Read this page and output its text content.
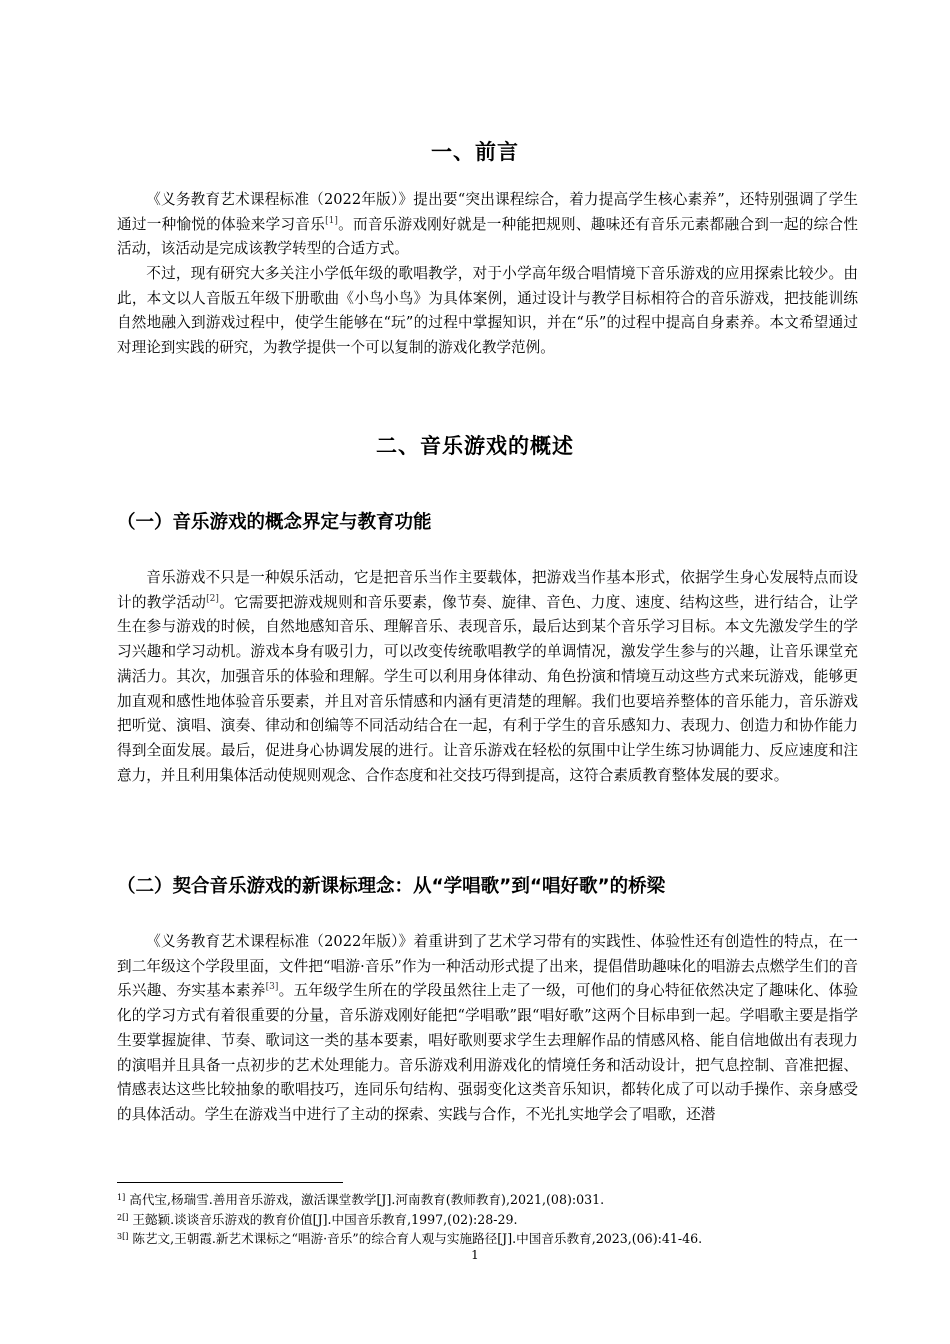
一、前言

《义务教育艺术课程标准（2022年版）》提出要“突出课程综合，着力提高学生核心素养”，还特别强调了学生通过一种愉悦的体验来学习音乐[1]。而音乐游戏刚好就是一种能把规则、趣味还有音乐元素都融合到一起的综合性活动，该活动是完成该教学转型的合适方式。

不过，现有研究大多关注小学低年级的歌唱教学，对于小学高年级合唱情境下音乐游戏的应用探索比较少。由此，本文以人音版五年级下册歌曲《小鸟小鸟》为具体案例，通过设计与教学目标相符合的音乐游戏，把技能训练自然地融入到游戏过程中，使学生能够在“玩”的过程中掌握知识，并在“乐”的过程中提高自身素养。本文希望通过对理论到实践的研究，为教学提供一个可以复制的游戏化教学范例。

二、音乐游戏的概述
（一）音乐游戏的概念界定与教育功能

音乐游戏不只是一种娱乐活动，它是把音乐当作主要载体，把游戏当作基本形式，依据学生身心发展特点而设计的教学活动[2]。它需要把游戏规则和音乐要素，像节奏、旋律、音色、力度、速度、结构这些，进行结合，让学生在参与游戏的时候，自然地感知音乐、理解音乐、表现音乐，最后达到某个音乐学习目标。本文先激发学生的学习兴趣和学习动机。游戏本身有吸引力，可以改变传统歌唱教学的单调情况，激发学生参与的兴趣，让音乐课堂充满活力。其次，加强音乐的体验和理解。学生可以利用身体律动、角色扮演和情境互动这些方式来玩游戏，能够更加直观和感性地体验音乐要素，并且对音乐情感和内涵有更清楚的理解。我们也要培养整体的音乐能力，音乐游戏把听觉、演唱、演奏、律动和创编等不同活动结合在一起，有利于学生的音乐感知力、表现力、创造力和协作能力得到全面发展。最后，促进身心协调发展的进行。让音乐游戏在轻松的氛围中让学生练习协调能力、反应速度和注意力，并且利用集体活动使规则观念、合作态度和社交技巧得到提高，这符合素质教育整体发展的要求。

（二）契合音乐游戏的新课标理念：从“学唱歌”到“唱好歌”的桥梁

《义务教育艺术课程标准（2022年版）》着重讲到了艺术学习带有的实践性、体验性还有创造性的特点，在一到二年级这个学段里面，文件把“唱游·音乐”作为一种活动形式提了出来，提倡借助趣味化的唱游去点燃学生们的音乐兴趣、夯实基本素养[3]。五年级学生所在的学段虽然往上走了一级，可他们的身心特征依然决定了趣味化、体验化的学习方式有着很重要的分量，音乐游戏刚好能把“学唱歌”跟“唱好歌”这两个目标串到一起。学唱歌主要是指学生要掌握旋律、节奏、歌词这一类的基本要素，唱好歌则要求学生去理解作品的情感风格、能自信地做出有表现力的演唱并且具备一点初步的艺术处理能力。音乐游戏利用游戏化的情境任务和活动设计，把气息控制、音准把握、情感表达这些比较抽象的歌唱技巧，连同乐句结构、强弱变化这类音乐知识，都转化成了可以动手操作、亲身感受的具体活动。学生在游戏当中进行了主动的探索、实践与合作，不光扎实地学会了唱歌，还潜

$^{1]}$ 高代宝,杨瑞雪.善用音乐游戏，激活课堂教学[J].河南教育(教师教育),2021,(08):031.
$^{2[]}$ 王懿颖.谈谈音乐游戏的教育价值[J].中国音乐教育,1997,(02):28-29.
$^{3[]}$ 陈艺文,王朝霞.新艺术课标之“唱游·音乐”的综合育人观与实施路径[J].中国音乐教育,2023,(06):41-46.
1
